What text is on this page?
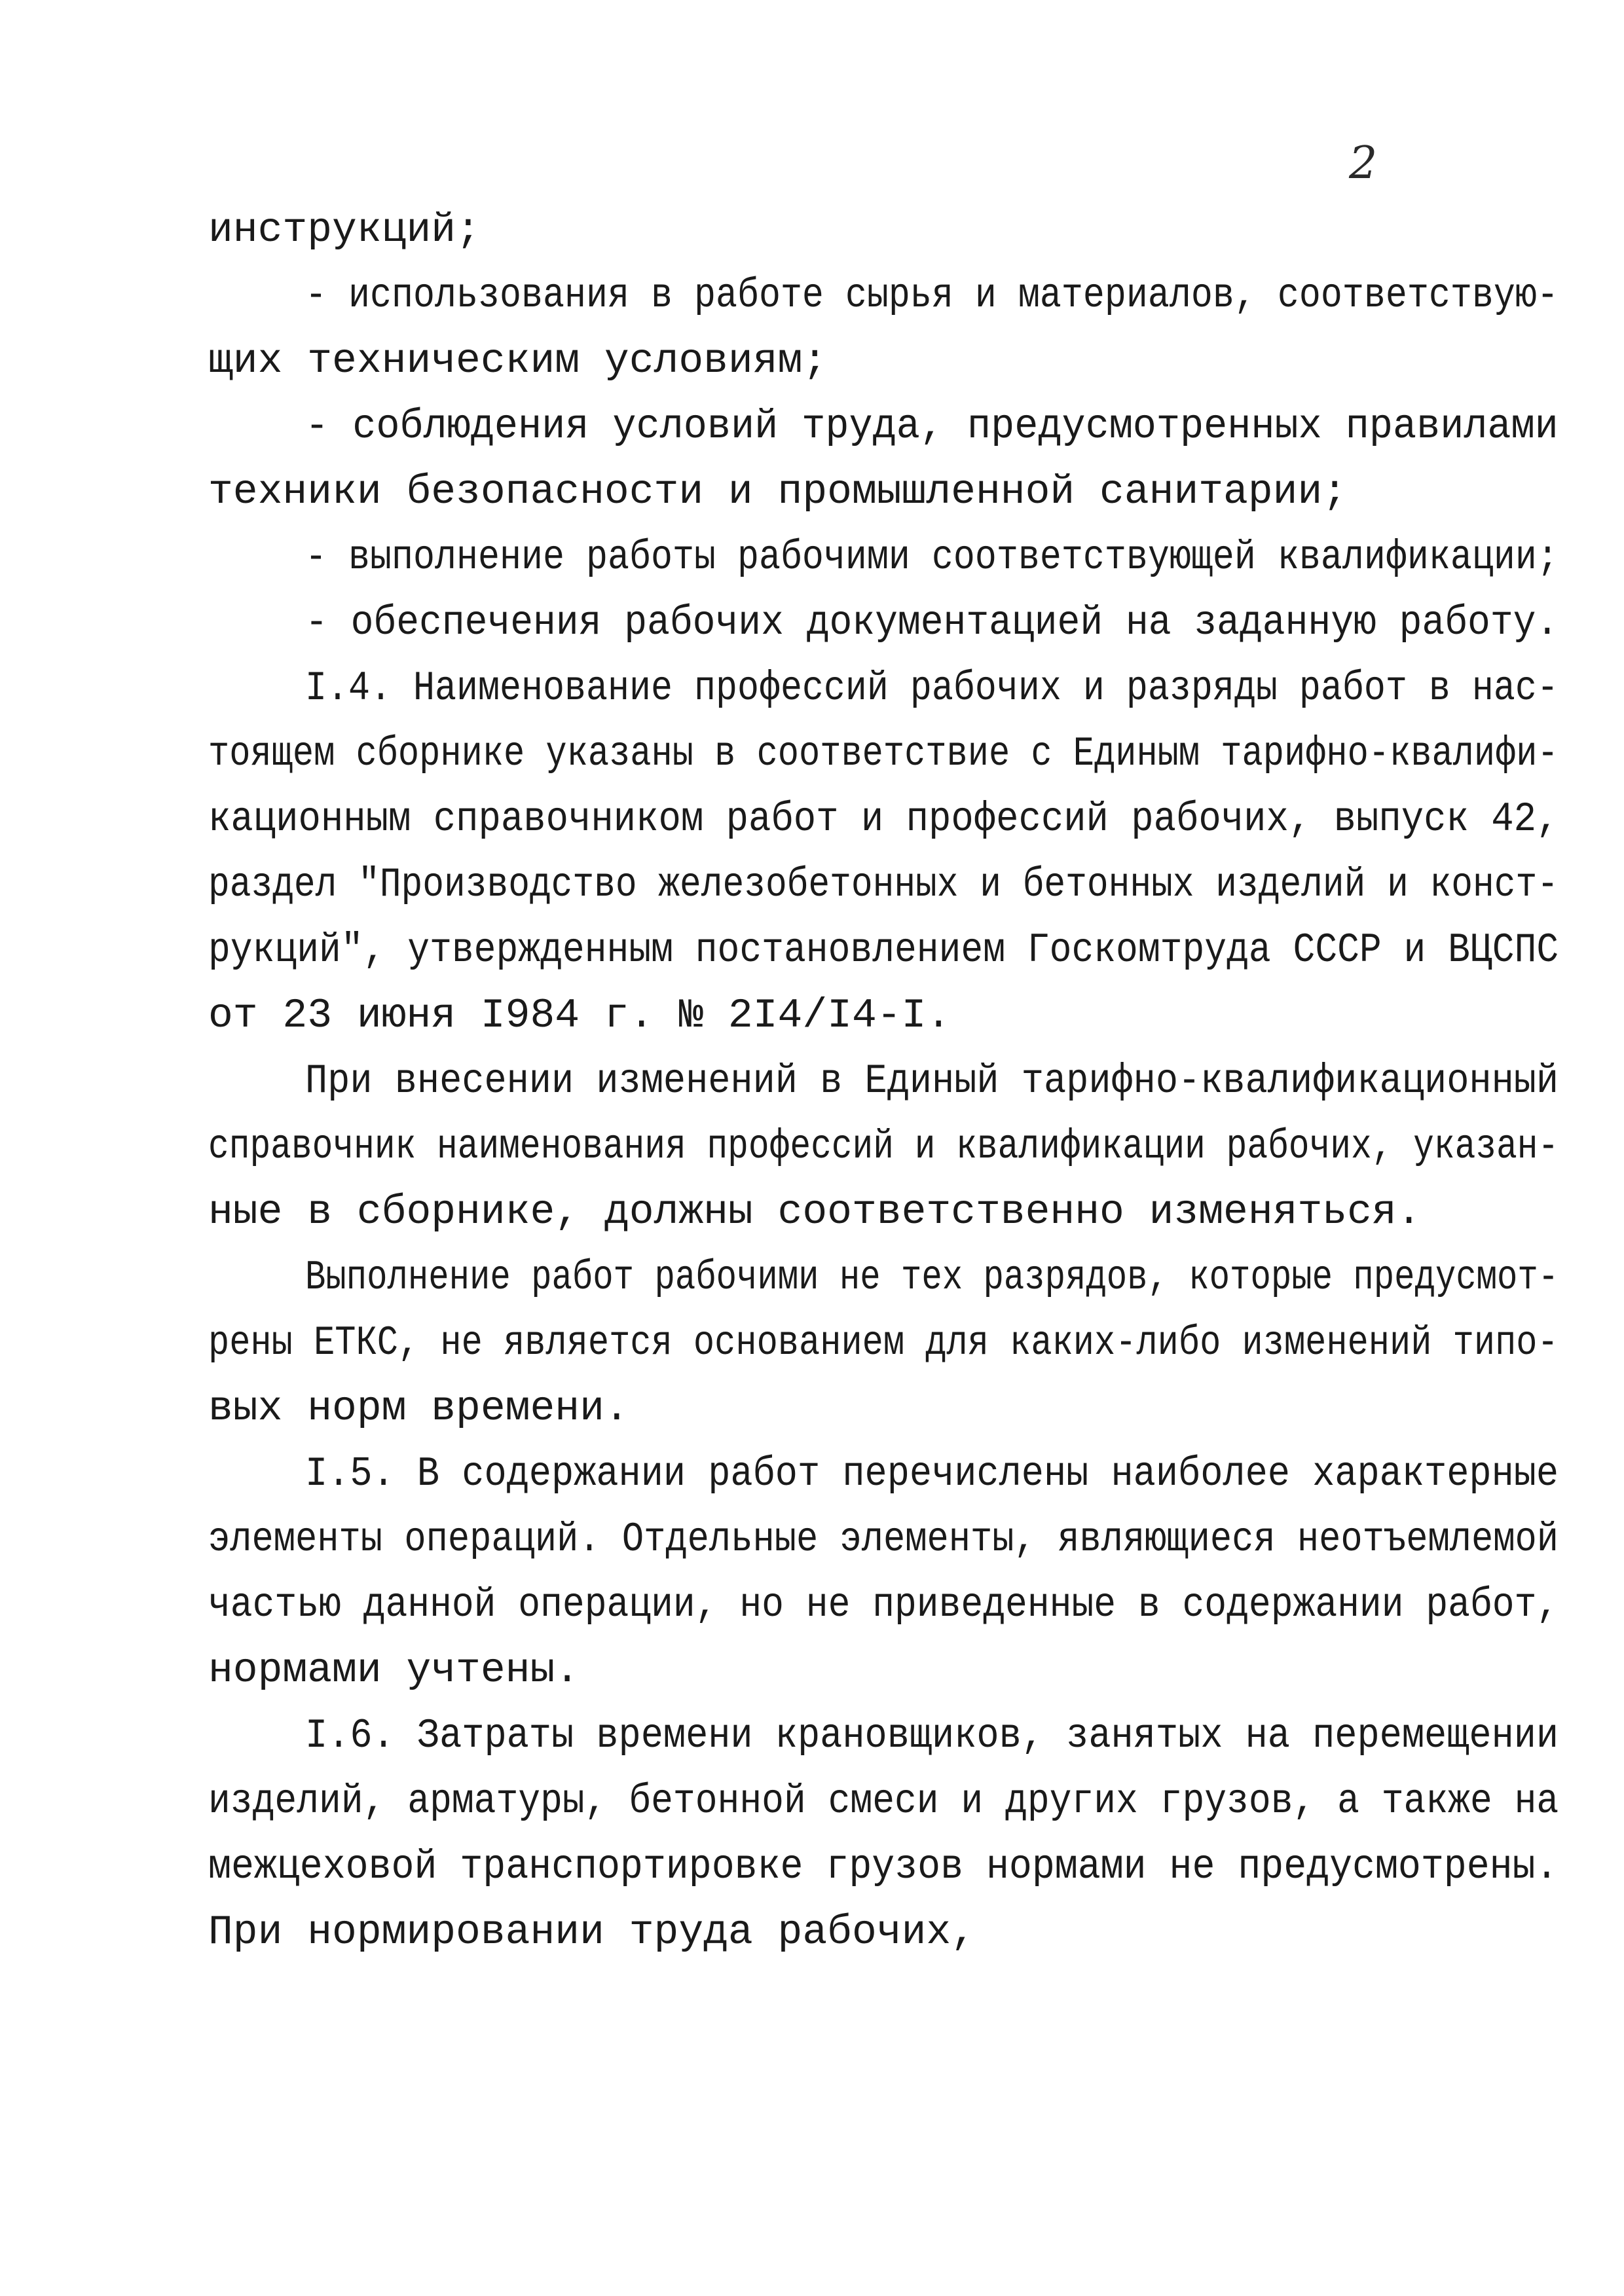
2
инструкций;
- использования в работе сырья и материалов, соответствую-
щих техническим условиям;
- соблюдения условий труда, предусмотренных правилами
техники безопасности и промышленной санитарии;
- выполнение работы рабочими соответствующей квалификации;
- обеспечения рабочих документацией на заданную работу.
I.4. Наименование профессий рабочих и разряды работ в нас-
тоящем сборнике указаны в соответствие с Единым тарифно-квалифи-
кационным справочником работ и профессий рабочих, выпуск 42,
раздел "Производство железобетонных и бетонных изделий и конст-
рукций", утвержденным постановлением Госкомтруда СССР и ВЦСПС
от 23 июня I984 г. № 2I4/I4-I.
При внесении изменений в Единый тарифно-квалификационный
справочник наименования профессий и квалификации рабочих, указан-
ные в сборнике, должны соответственно изменяться.
Выполнение работ рабочими не тех разрядов, которые предусмот-
рены ЕТКС, не является основанием для каких-либо изменений типо-
вых норм времени.
I.5. В содержании работ перечислены наиболее характерные
элементы операций. Отдельные элементы, являющиеся неотъемлемой
частью данной операции, но не приведенные в содержании работ,
нормами учтены.
I.6. Затраты времени крановщиков, занятых на перемещении
изделий, арматуры, бетонной смеси и других грузов, а также на
межцеховой транспортировке грузов нормами не предусмотрены.
При нормировании труда рабочих,
